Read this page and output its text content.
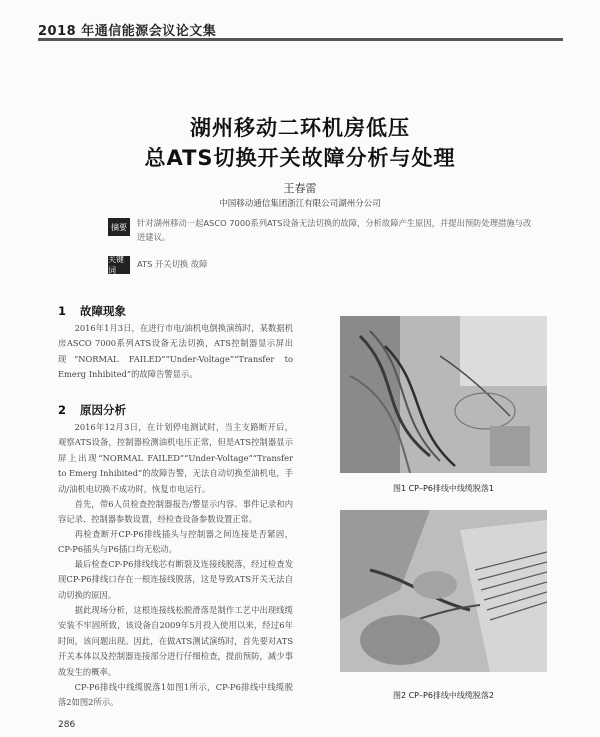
2018 年通信能源会议论文集
湖州移动二环机房低压
总ATS切换开关故障分析与处理
王春雷
中国移动通信集团浙江有限公司湖州分公司
摘要	针对湖州移动一起ASCO 7000系列ATS设备无法切换的故障，分析故障产生原因，并提出预防处理措施与改进建议。
关键词
ATS 开关切换 故障
1 故障现象
2016年1月3日，在进行市电/油机电倒换演练时，某数据机房ASCO 7000系列ATS设备无法切换，ATS控制器显示屏出现“NORMAL FAILED”“Under-Voltage”“Transfer to Emerg Inhibited”的故障告警显示。
2 原因分析
2016年12月3日，在计划停电测试时，当主支路断开后，观察ATS设备，控制器检测油机电压正常，但是ATS控制器显示屏上出现“NORMAL FAILED”“Under-Voltage”“Transfer to Emerg Inhibited”的故障告警，无法自动切换至油机电，手动/油机电切换不成功时，恢复市电运行。
首先，带6人员检查控制器报告/警显示内容、事件记录和内容记录、控制器参数设置，经检查设备参数设置正常。
再检查断开CP-P6排线插头与控制器之间连接是否紧固，CP-P6插头与P6插口均无松动。
最后检查CP-P6排线线芯有断裂及连接线脱落，经过检查发现CP-P6排线口存在一根连接线脱落，这是导致ATS开关无法自动切换的原因。
据此现场分析，这根连接线松脱滑落是制作工艺中出现线缆安装不牢固所致，该设备自2009年5月投入使用以来，经过6年时间，该问题出现。因此，在做ATS测试演练时，首先要对ATS开关本体以及控制器连接部分进行仔细检查，提前预防，减少事故发生的概率。
CP-P6排线中线缆脱落1如图1所示，CP-P6排线中线缆脱落2如图2所示。
图1 CP–P6排线中线缆脱落1
图2 CP–P6排线中线缆脱落2
286
